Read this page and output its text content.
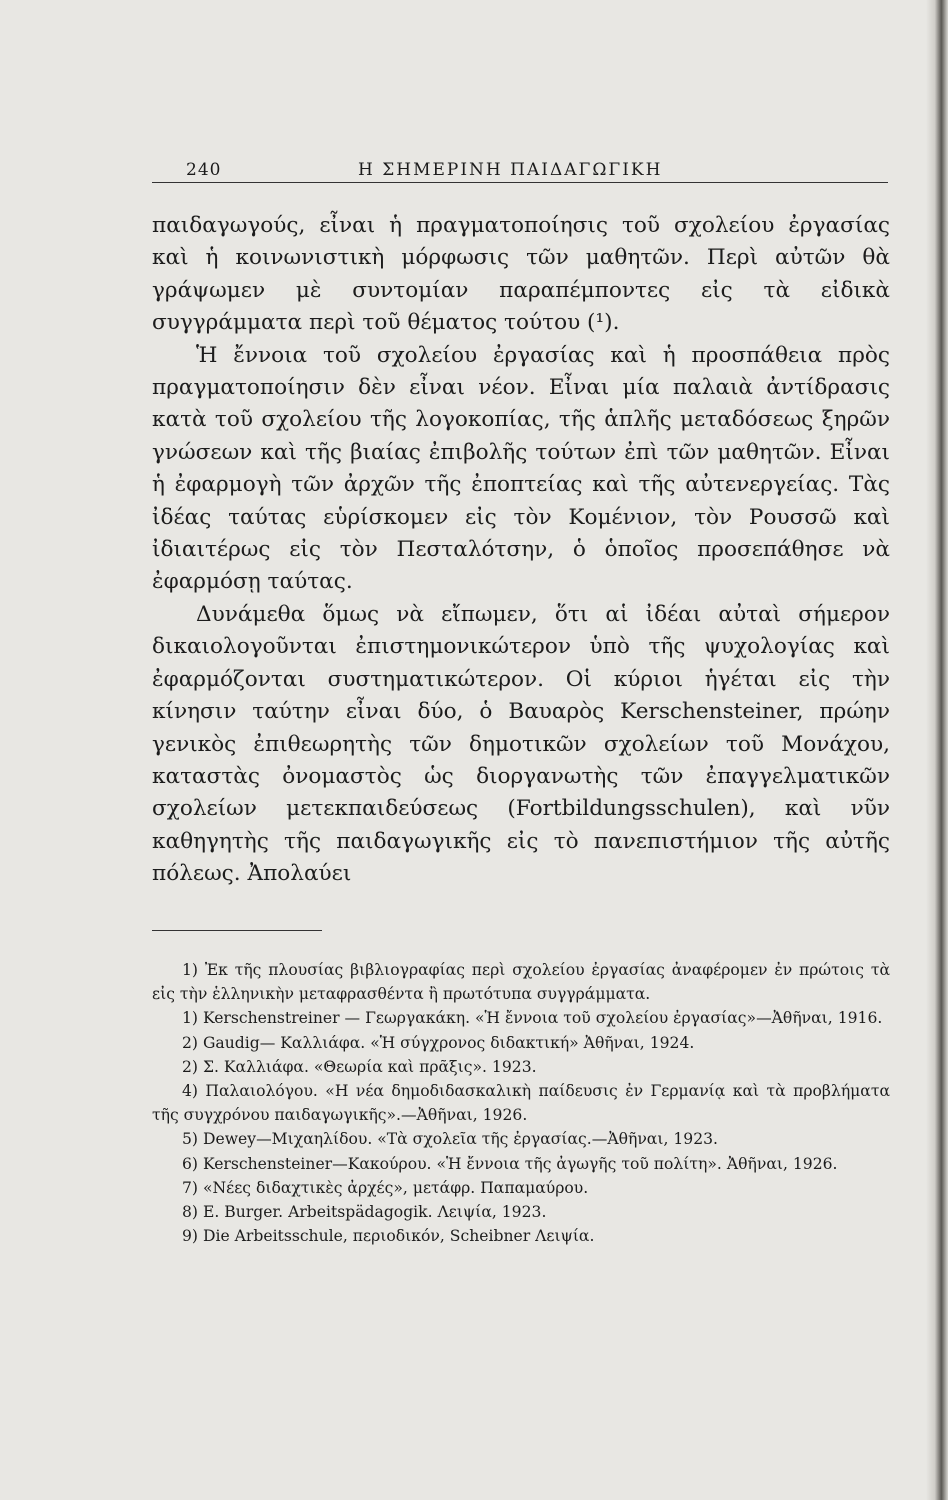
240	Η ΣΗΜΕΡΙΝΗ ΠΑΙΔΑΓΩΓΙΚΗ

παιδαγωγούς, εἶναι ἡ πραγματοποίησις τοῦ σχολείου ἐργασίας καὶ ἡ κοινωνιστικὴ μόρφωσις τῶν μαθητῶν. Περὶ αὐτῶν θὰ γράψωμεν μὲ συντομίαν παραπέμποντες εἰς τὰ εἰδικὰ συγγράμματα περὶ τοῦ θέματος τούτου (¹).

Ἡ ἔννοια τοῦ σχολείου ἐργασίας καὶ ἡ προσπάθεια πρὸς πραγματοποίησιν δὲν εἶναι νέον. Εἶναι μία παλαιὰ ἀντίδρασις κατὰ τοῦ σχολείου τῆς λογοκοπίας, τῆς ἁπλῆς μεταδόσεως ξηρῶν γνώσεων καὶ τῆς βιαίας ἐπιβολῆς τούτων ἐπὶ τῶν μαθητῶν. Εἶναι ἡ ἐφαρμογὴ τῶν ἀρχῶν τῆς ἐποπτείας καὶ τῆς αὐτενεργείας. Τὰς ἰδέας ταύτας εὑρίσκομεν εἰς τὸν Κομένιον, τὸν Ρουσσῶ καὶ ἰδιαιτέρως εἰς τὸν Πεσταλότσην, ὁ ὁποῖος προσεπάθησε νὰ ἐφαρμόσῃ ταύτας.

Δυνάμεθα ὅμως νὰ εἴπωμεν, ὅτι αἱ ἰδέαι αὐταὶ σήμερον δικαιολογοῦνται ἐπιστημονικώτερον ὑπὸ τῆς ψυχολογίας καὶ ἐφαρμόζονται συστηματικώτερον. Οἱ κύριοι ἡγέται εἰς τὴν κίνησιν ταύτην εἶναι δύο, ὁ Βαυαρὸς Kerschensteiner, πρώην γενικὸς ἐπιθεωρητὴς τῶν δημοτικῶν σχολείων τοῦ Μονάχου, καταστὰς ὀνομαστὸς ὡς διοργανωτὴς τῶν ἐπαγγελματικῶν σχολείων μετεκπαιδεύσεως (Fortbildungsschulen), καὶ νῦν καθηγητὴς τῆς παιδαγωγικῆς εἰς τὸ πανεπιστήμιον τῆς αὐτῆς πόλεως. Ἀπολαύει

1) Ἐκ τῆς πλουσίας βιβλιογραφίας περὶ σχολείου ἐργασίας ἀναφέρομεν ἐν πρώτοις τὰ εἰς τὴν ἑλληνικὴν μεταφρασθέντα ἢ πρωτότυπα συγγράμματα.

1) Kerschenstreiner — Γεωργακάκη. «Ἡ ἔννοια τοῦ σχολείου ἐργασίας»—Ἀθῆναι, 1916.

2) Gaudig— Καλλιάφα. «Ἡ σύγχρονος διδακτική» Ἀθῆναι, 1924.

2) Σ. Καλλιάφα. «Θεωρία καὶ πρᾶξις». 1923.

4) Παλαιολόγου. «Η νέα δημοδιδασκαλικὴ παίδευσις ἐν Γερμανίᾳ καὶ τὰ προβλήματα τῆς συγχρόνου παιδαγωγικῆς».—Ἀθῆναι, 1926.

5) Dewey—Μιχαηλίδου. «Τὰ σχολεῖα τῆς ἐργασίας.—Ἀθῆναι, 1923.

6) Kerschensteiner—Κακούρου. «Ἡ ἔννοια τῆς ἀγωγῆς τοῦ πολίτη». Ἀθῆναι, 1926.

7) «Νέες διδαχτικὲς ἀρχές», μετάφρ. Παπαμαύρου.

8) E. Burger. Arbeitspädagogik. Λειψία, 1923.

9) Die Arbeitsschule, περιοδικόν, Scheibner Λειψία.
